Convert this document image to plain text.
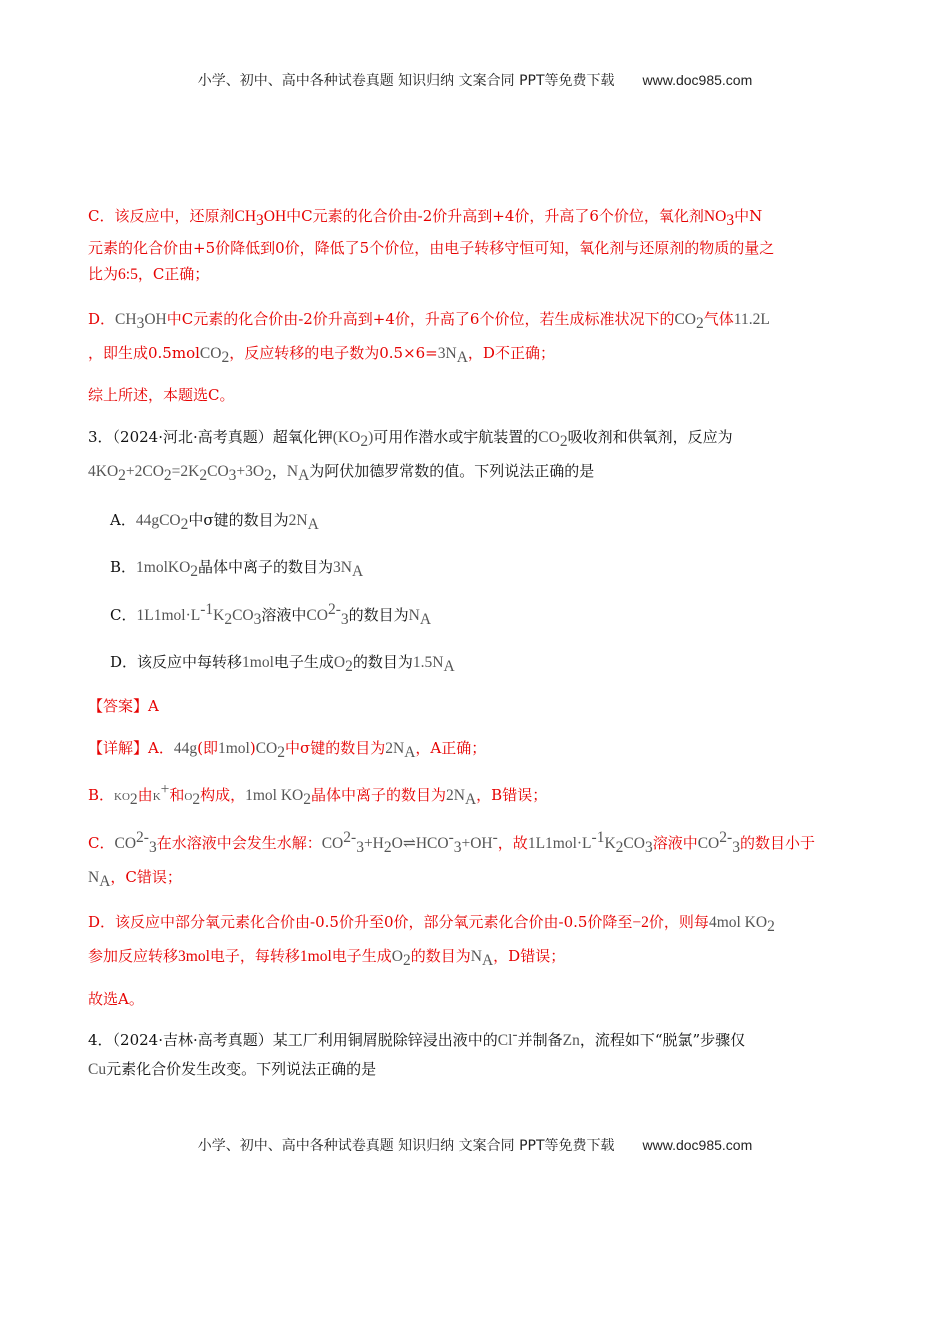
小学、初中、高中各种试卷真题 知识归纳 文案合同 PPT等免费下载 www.doc985.com
C．该反应中，还原剂$CH_3OH$中C元素的化合价由-2价升高到+4价，升高了6个价位，氧化剂$NO_3$中N
元素的化合价由+5价降低到0价，降低了5个价位，由电子转移守恒可知，氧化剂与还原剂的物质的量之
比为6:5，C正确；
D．$CH_3OH$中C元素的化合价由-2价升高到+4价，升高了6个价位，若生成标准状况下的$CO_2$气体11.2L
，即生成0.5molCO$_2$，反应转移的电子数为$0.5\times 6=3N_A$，D不正确；
综上所述，本题选C。
3．（2024·河北·高考真题）超氧化钾$(KO_2)$可用作潜水或宇航装置的$CO_2$吸收剂和供氧剂，反应为
$4KO_2+2CO_2=2K_2CO_3+3O_2$，$N_A$为阿伏加德罗常数的值。下列说法正确的是
A．44gCO$_2$中σ键的数目为$2N_A$
B．1molKO$_2$晶体中离子的数目为$3N_A$
C．$1L1mol\cdot L^{-1}K_2CO_3$溶液中$CO^{2-}_3$的数目为$N_A$
D．该反应中每转移1mol电子生成$O_2$的数目为$1.5N_A$
【答案】A
【详解】A．44g(即$1mol)CO_2$中σ键的数目为$2N_A$，A正确；
B．$KO_2$由K+和$O_2$构成，1mol $KO_2$晶体中离子的数目为$2N_A$，B错误；
C．$CO^{2-}_3$在水溶液中会发生水解：$CO^{2-}_3+H_2O\rightleftharpoons HCO^-_3+OH^-$，故$1L1mol\cdot L^{-1}K_2CO_3$溶液中$CO^{2-}_3$的数目小于
$N_A$，C错误；
D．该反应中部分氧元素化合价由-0.5价升至0价，部分氧元素化合价由-0.5价降至−2价，则每4mol $KO_2$
参加反应转移3mol电子，每转移1mol电子生成$O_2$的数目为$N_A$，D错误；
故选A。
4．（2024·吉林·高考真题）某工厂利用铜屑脱除锌浸出液中的Cl-并制备Zn，流程如下“脱氯”步骤仅
Cu元素化合价发生改变。下列说法正确的是
小学、初中、高中各种试卷真题 知识归纳 文案合同 PPT等免费下载 www.doc985.com
